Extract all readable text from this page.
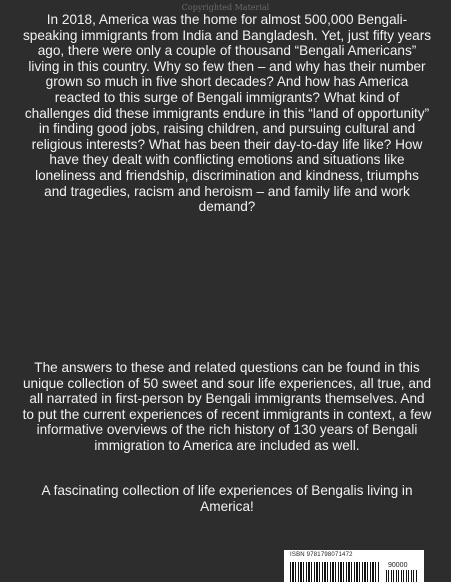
Copyrighted Material

In 2018, America was the home for almost 500,000 Bengali-speaking immigrants from India and Bangladesh. Yet, just fifty years ago, there were only a couple of thousand “Bengali Americans” living in this country. Why so few then – and why has their number grown so much in five short decades? And how has America reacted to this surge of Bengali immigrants? What kind of challenges did these immigrants endure in this “land of opportunity” in finding good jobs, raising children, and pursuing cultural and religious interests? What has been their day-to-day life like? How have they dealt with conflicting emotions and situations like loneliness and friendship, discrimination and kindness, triumphs and tragedies, racism and heroism – and family life and work demand?

The answers to these and related questions can be found in this unique collection of 50 sweet and sour life experiences, all true, and all narrated in first-person by Bengali immigrants themselves. And to put the current experiences of recent immigrants in context, a few informative overviews of the rich history of 130 years of Bengali immigration to America are included as well.

A fascinating collection of life experiences of Bengalis living in America!

ISBN 9781798071472
90000
